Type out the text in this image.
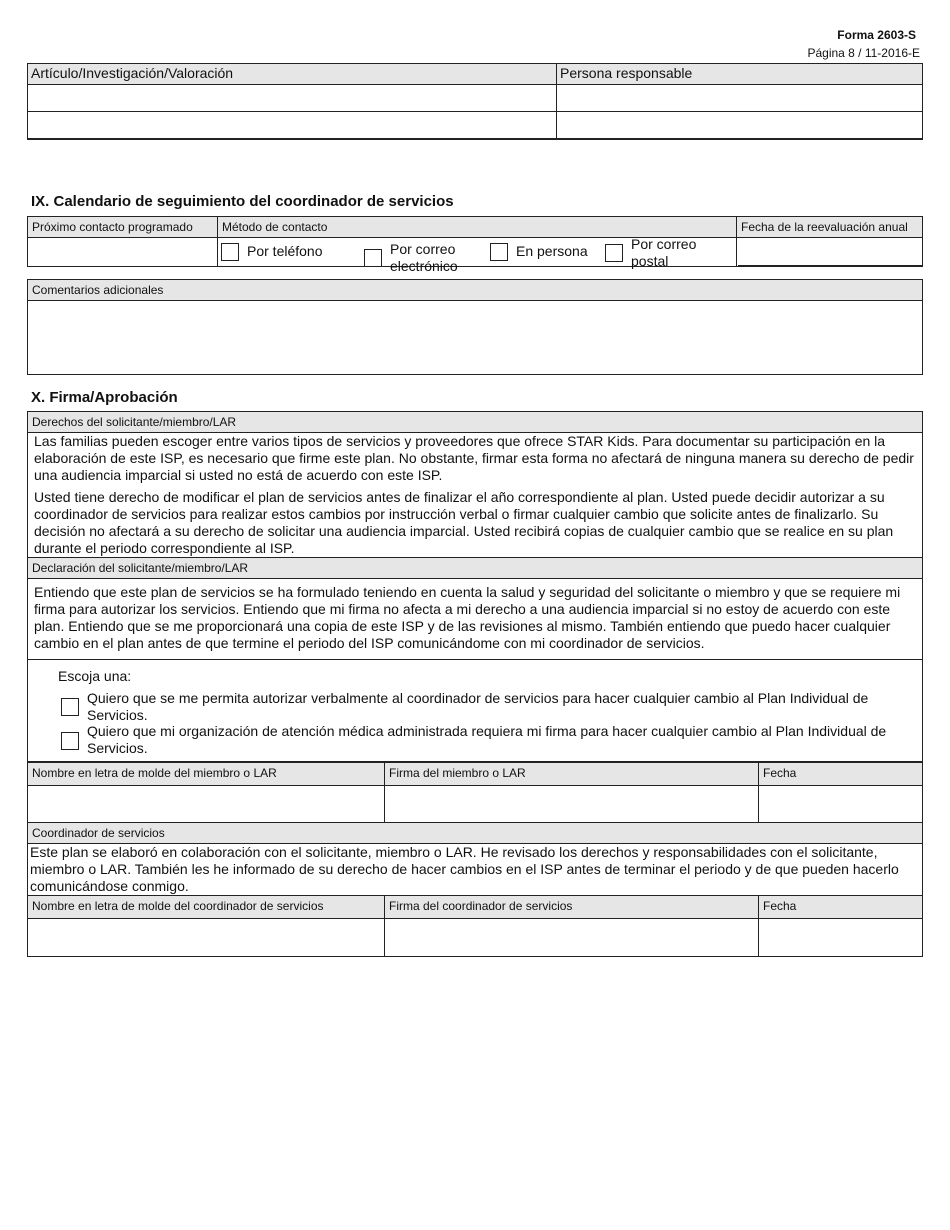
Forma 2603-S
Página 8 / 11-2016-E
Artículo/Investigación/Valoración	Persona responsable
IX. Calendario de seguimiento del coordinador de servicios
Próximo contacto programado	Método de contacto	Fecha de la reevaluación anual
Por teléfono	Por correo
electrónico
En persona	Por correo
postal
Comentarios adicionales
X. Firma/Aprobación
Derechos del solicitante/miembro/LAR
Las familias pueden escoger entre varios tipos de servicios y proveedores que ofrece STAR Kids. Para documentar su participación en la elaboración de este ISP, es necesario que firme este plan. No obstante, firmar esta forma no afectará de ninguna manera su derecho de pedir una audiencia imparcial si usted no está de acuerdo con este ISP.
Usted tiene derecho de modificar el plan de servicios antes de finalizar el año correspondiente al plan. Usted puede decidir autorizar a su coordinador de servicios para realizar estos cambios por instrucción verbal o firmar cualquier cambio que solicite antes de finalizarlo. Su decisión no afectará a su derecho de solicitar una audiencia imparcial. Usted recibirá copias de cualquier cambio que se realice en su plan durante el periodo correspondiente al ISP.
Declaración del solicitante/miembro/LAR
Entiendo que este plan de servicios se ha formulado teniendo en cuenta la salud y seguridad del solicitante o miembro y que se requiere mi firma para autorizar los servicios. Entiendo que mi firma no afecta a mi derecho a una audiencia imparcial si no estoy de acuerdo con este plan. Entiendo que se me proporcionará una copia de este ISP y de las revisiones al mismo. También entiendo que puedo hacer cualquier cambio en el plan antes de que termine el periodo del ISP comunicándome con mi coordinador de servicios.
Escoja una:
Quiero que se me permita autorizar verbalmente al coordinador de servicios para hacer cualquier cambio al Plan Individual de Servicios.
Quiero que mi organización de atención médica administrada requiera mi firma para hacer cualquier cambio al Plan Individual de Servicios.
Nombre en letra de molde del miembro o LAR	Firma del miembro o LAR	Fecha
Coordinador de servicios
Este plan se elaboró en colaboración con el solicitante, miembro o LAR. He revisado los derechos y responsabilidades con el solicitante, miembro o LAR. También les he informado de su derecho de hacer cambios en el ISP antes de terminar el periodo y de que pueden hacerlo comunicándose conmigo.
Nombre en letra de molde del coordinador de servicios	Firma del coordinador de servicios	Fecha
